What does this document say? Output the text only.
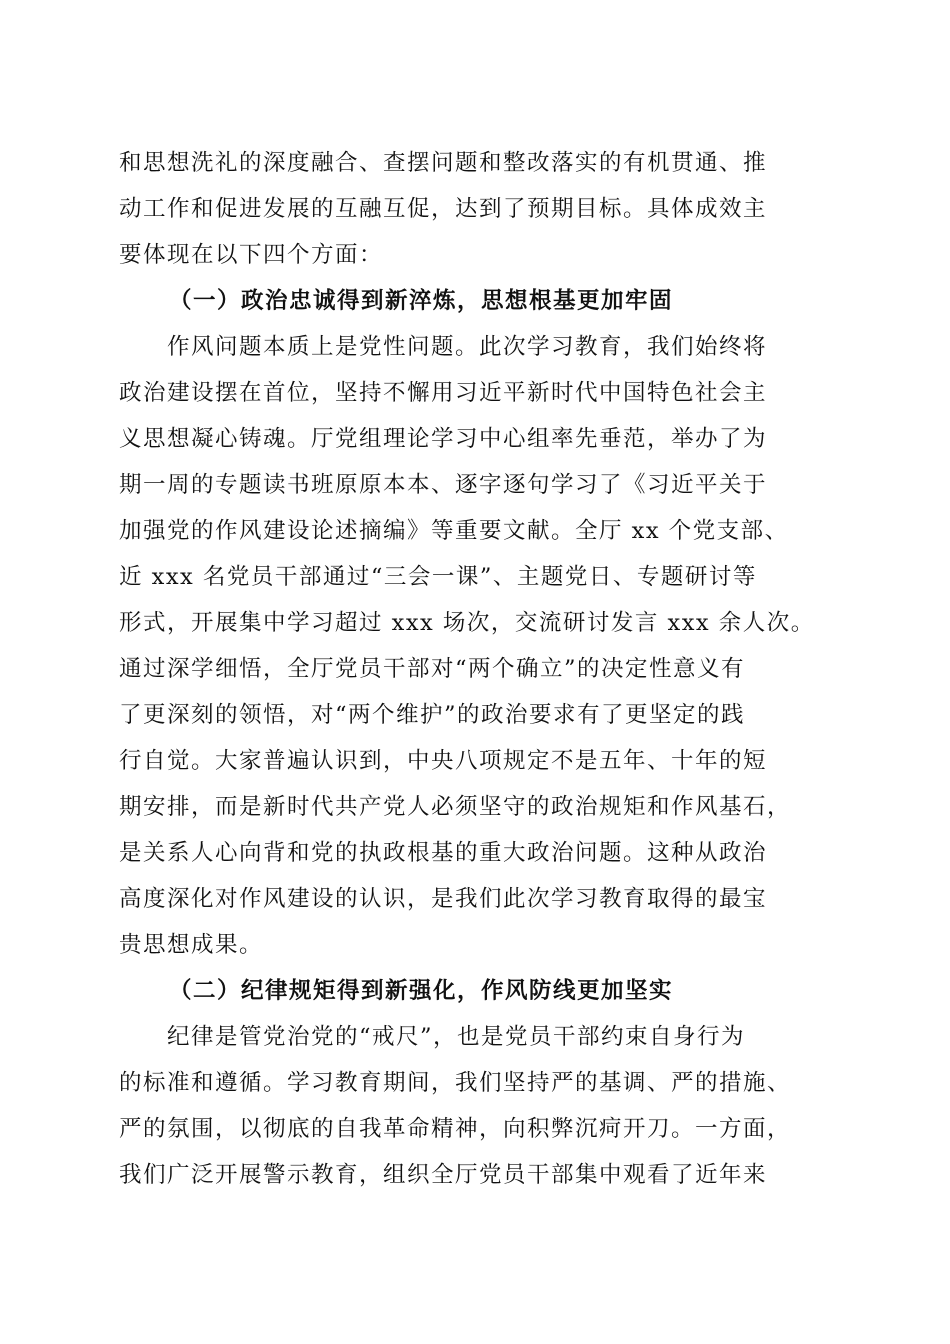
和思想洗礼的深度融合、查摆问题和整改落实的有机贯通、推
动工作和促进发展的互融互促，达到了预期目标。具体成效主
要体现在以下四个方面：
（一）政治忠诚得到新淬炼，思想根基更加牢固
作风问题本质上是党性问题。此次学习教育，我们始终将
政治建设摆在首位，坚持不懈用习近平新时代中国特色社会主
义思想凝心铸魂。厅党组理论学习中心组率先垂范，举办了为
期一周的专题读书班原原本本、逐字逐句学习了《习近平关于
加强党的作风建设论述摘编》等重要文献。全厅 xx 个党支部、
近 xxx 名党员干部通过“三会一课”、主题党日、专题研讨等
形式，开展集中学习超过 xxx 场次，交流研讨发言 xxx 余人次。
通过深学细悟，全厅党员干部对“两个确立”的决定性意义有
了更深刻的领悟，对“两个维护”的政治要求有了更坚定的践
行自觉。大家普遍认识到，中央八项规定不是五年、十年的短
期安排，而是新时代共产党人必须坚守的政治规矩和作风基石，
是关系人心向背和党的执政根基的重大政治问题。这种从政治
高度深化对作风建设的认识，是我们此次学习教育取得的最宝
贵思想成果。
（二）纪律规矩得到新强化，作风防线更加坚实
纪律是管党治党的“戒尺”，也是党员干部约束自身行为
的标准和遵循。学习教育期间，我们坚持严的基调、严的措施、
严的氛围，以彻底的自我革命精神，向积弊沉疴开刀。一方面，
我们广泛开展警示教育，组织全厅党员干部集中观看了近年来
